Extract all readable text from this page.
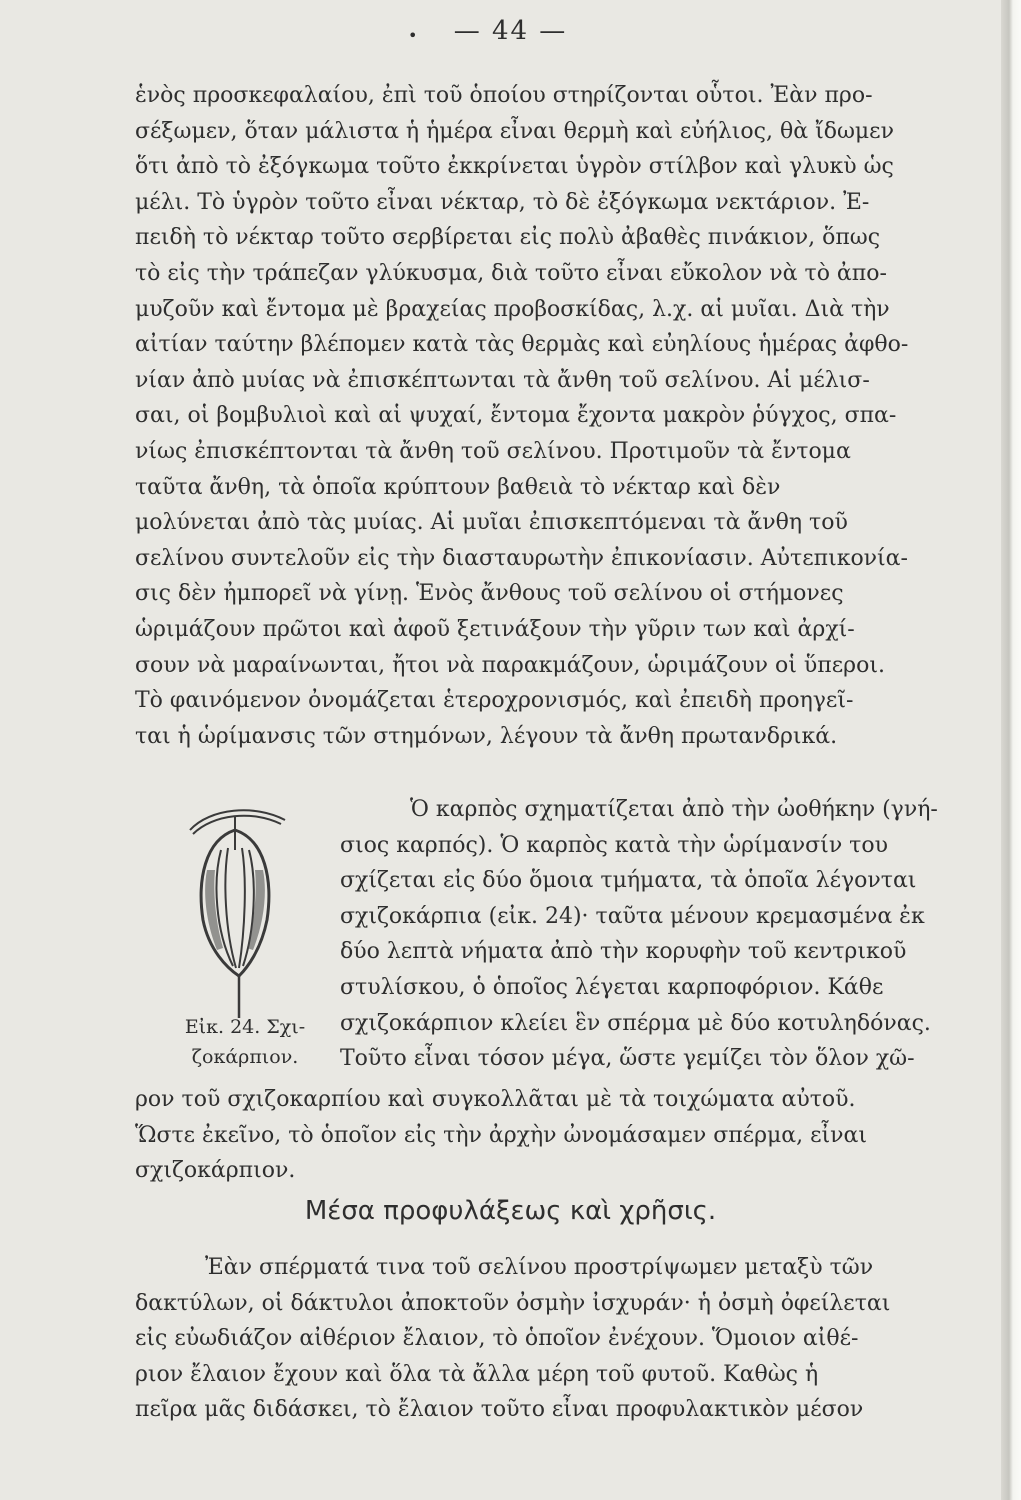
•	— 44 —
ἑνὸς προσκεφαλαίου, ἐπὶ τοῦ ὁποίου στηρίζονται οὗτοι. Ἐὰν προ-
σέξωμεν, ὅταν μάλιστα ἡ ἡμέρα εἶναι θερμὴ καὶ εὐήλιος, θὰ ἴδωμεν
ὅτι ἀπὸ τὸ ἐξόγκωμα τοῦτο ἐκκρίνεται ὑγρὸν στίλβον καὶ γλυκὺ ὡς
μέλι. Τὸ ὑγρὸν τοῦτο εἶναι νέκταρ, τὸ δὲ ἐξόγκωμα νεκτάριον. Ἐ-
πειδὴ τὸ νέκταρ τοῦτο σερβίρεται εἰς πολὺ ἀβαθὲς πινάκιον, ὅπως
τὸ εἰς τὴν τράπεζαν γλύκυσμα, διὰ τοῦτο εἶναι εὔκολον νὰ τὸ ἀπο-
μυζοῦν καὶ ἔντομα μὲ βραχείας προβοσκίδας, λ.χ. αἱ μυῖαι. Διὰ τὴν
αἰτίαν ταύτην βλέπομεν κατὰ τὰς θερμὰς καὶ εὐηλίους ἡμέρας ἀφθο-
νίαν ἀπὸ μυίας νὰ ἐπισκέπτωνται τὰ ἄνθη τοῦ σελίνου. Αἱ μέλισ-
σαι, οἱ βομβυλιοὶ καὶ αἱ ψυχαί, ἔντομα ἔχοντα μακρὸν ῥύγχος, σπα-
νίως ἐπισκέπτονται τὰ ἄνθη τοῦ σελίνου. Προτιμοῦν τὰ ἔντομα
ταῦτα ἄνθη, τὰ ὁποῖα κρύπτουν βαθειὰ τὸ νέκταρ καὶ δὲν
μολύνεται ἀπὸ τὰς μυίας. Αἱ μυῖαι ἐπισκεπτόμεναι τὰ ἄνθη τοῦ
σελίνου συντελοῦν εἰς τὴν διασταυρωτὴν ἐπικονίασιν. Αὐτεπικονία-
σις δὲν ἠμπορεῖ νὰ γίνῃ. Ἑνὸς ἄνθους τοῦ σελίνου οἱ στήμονες
ὡριμάζουν πρῶτοι καὶ ἀφοῦ ξετινάξουν τὴν γῦριν των καὶ ἀρχί-
σουν νὰ μαραίνωνται, ἤτοι νὰ παρακμάζουν, ὡριμάζουν οἱ ὕπεροι.
Τὸ φαινόμενον ὀνομάζεται ἑτεροχρονισμός, καὶ ἐπειδὴ προηγεῖ-
ται ἡ ὡρίμανσις τῶν στημόνων, λέγουν τὰ ἄνθη πρωτανδρικά.
Εἰκ. 24. Σχι-
ζοκάρπιον.
Ὁ καρπὸς σχηματίζεται ἀπὸ τὴν ὠοθήκην (γνή-
σιος καρπός). Ὁ καρπὸς κατὰ τὴν ὡρίμανσίν του
σχίζεται εἰς δύο ὅμοια τμήματα, τὰ ὁποῖα λέγονται
σχιζοκάρπια (εἰκ. 24)· ταῦτα μένουν κρεμασμένα ἐκ
δύο λεπτὰ νήματα ἀπὸ τὴν κορυφὴν τοῦ κεντρικοῦ
στυλίσκου, ὁ ὁποῖος λέγεται καρποφόριον. Κάθε
σχιζοκάρπιον κλείει ἓν σπέρμα μὲ δύο κοτυληδόνας.
Τοῦτο εἶναι τόσον μέγα, ὥστε γεμίζει τὸν ὅλον χῶ-
ρον τοῦ σχιζοκαρπίου καὶ συγκολλᾶται μὲ τὰ τοιχώματα αὐτοῦ.
Ὥστε ἐκεῖνο, τὸ ὁποῖον εἰς τὴν ἀρχὴν ὠνομάσαμεν σπέρμα, εἶναι
σχιζοκάρπιον.
Μέσα προφυλάξεως καὶ χρῆσις.
Ἐὰν σπέρματά τινα τοῦ σελίνου προστρίψωμεν μεταξὺ τῶν
δακτύλων, οἱ δάκτυλοι ἀποκτοῦν ὀσμὴν ἰσχυράν· ἡ ὀσμὴ ὀφείλεται
εἰς εὐωδιάζον αἰθέριον ἔλαιον, τὸ ὁποῖον ἐνέχουν. Ὅμοιον αἰθέ-
ριον ἔλαιον ἔχουν καὶ ὅλα τὰ ἄλλα μέρη τοῦ φυτοῦ. Καθὼς ἡ
πεῖρα μᾶς διδάσκει, τὸ ἔλαιον τοῦτο εἶναι προφυλακτικὸν μέσον
